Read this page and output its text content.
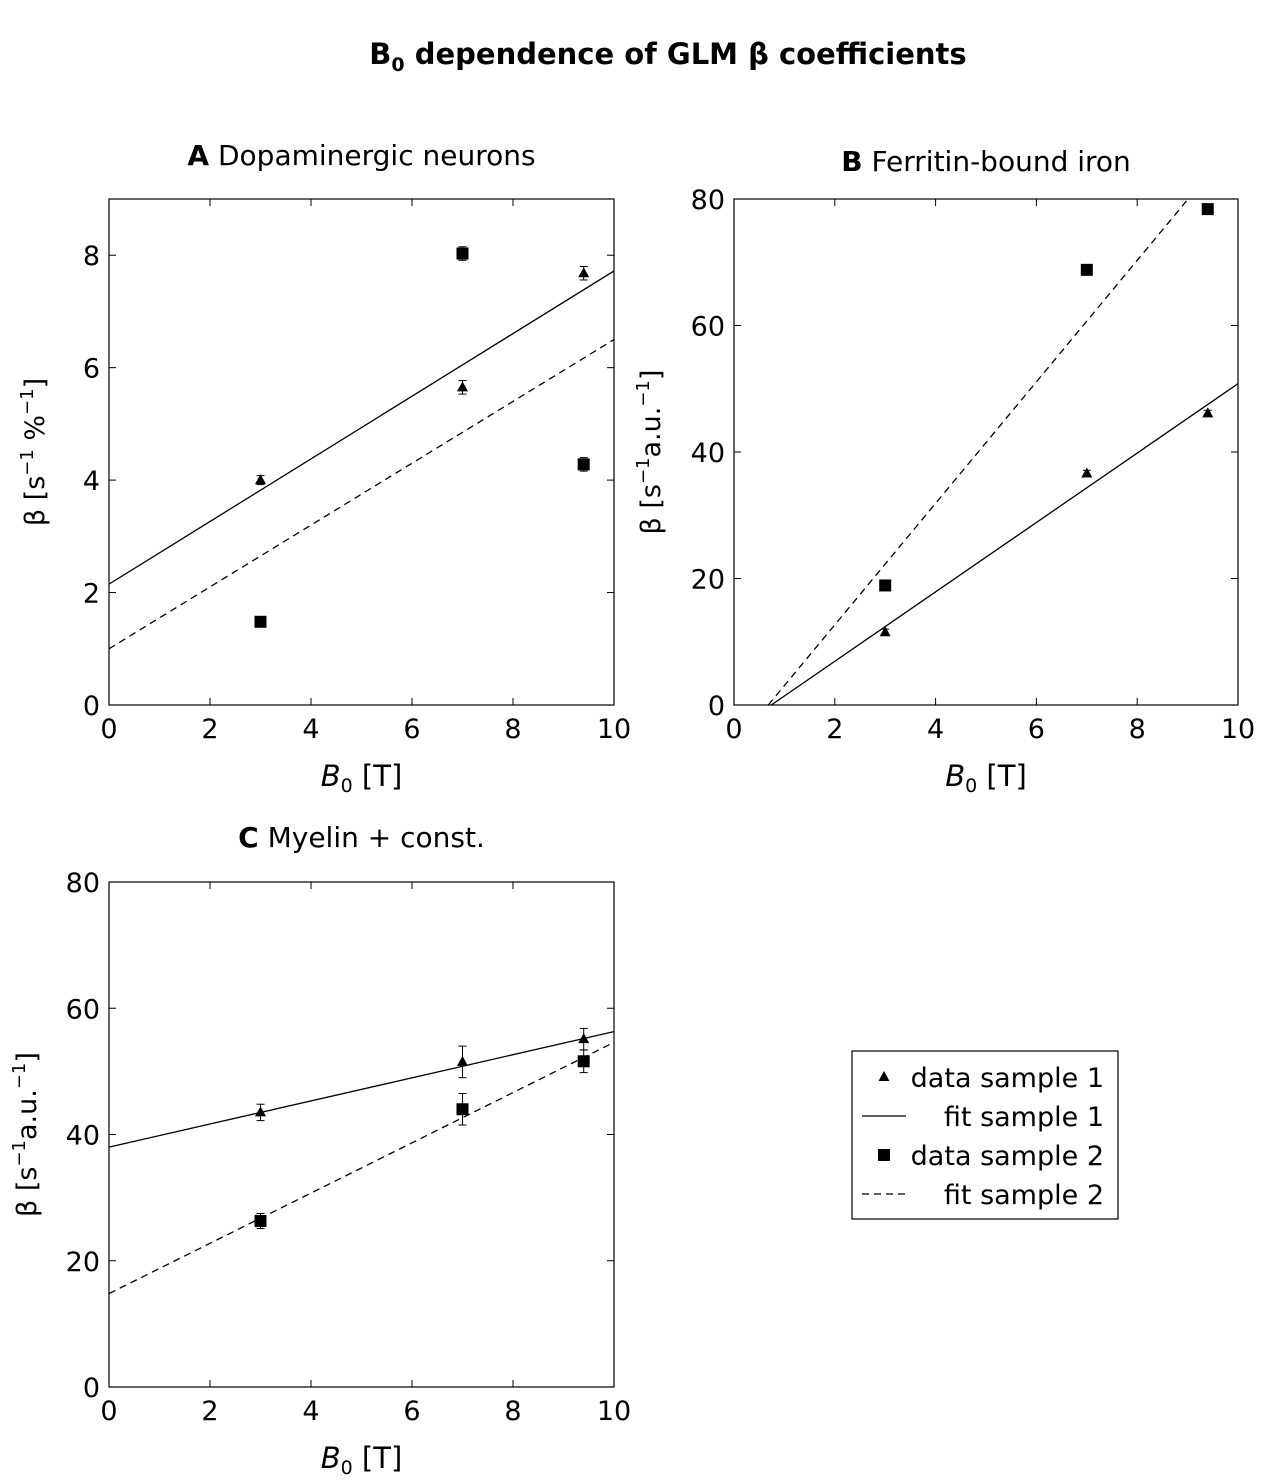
$B_0$ dependence of GLM β coefficients
A Dopaminergic neurons
0	2	4	6	8	10
0
2
4
6
8
$B_0$ [T]
β [$s^{-1}$ %$^{-1}$]
B Ferritin-bound iron
0	2	4	6	8	10
0
20
40
60
80
$B_0$ [T]
β $[s^{-1}a.u.^{-1}]$
C Myelin + const.
0	2	4	6	8	10
0
20
40
60
80
$B_0$ [T]
β $[s^{-1}a.u.^{-1}]$
data sample 1
fit sample 1
data sample 2
fit sample 2
